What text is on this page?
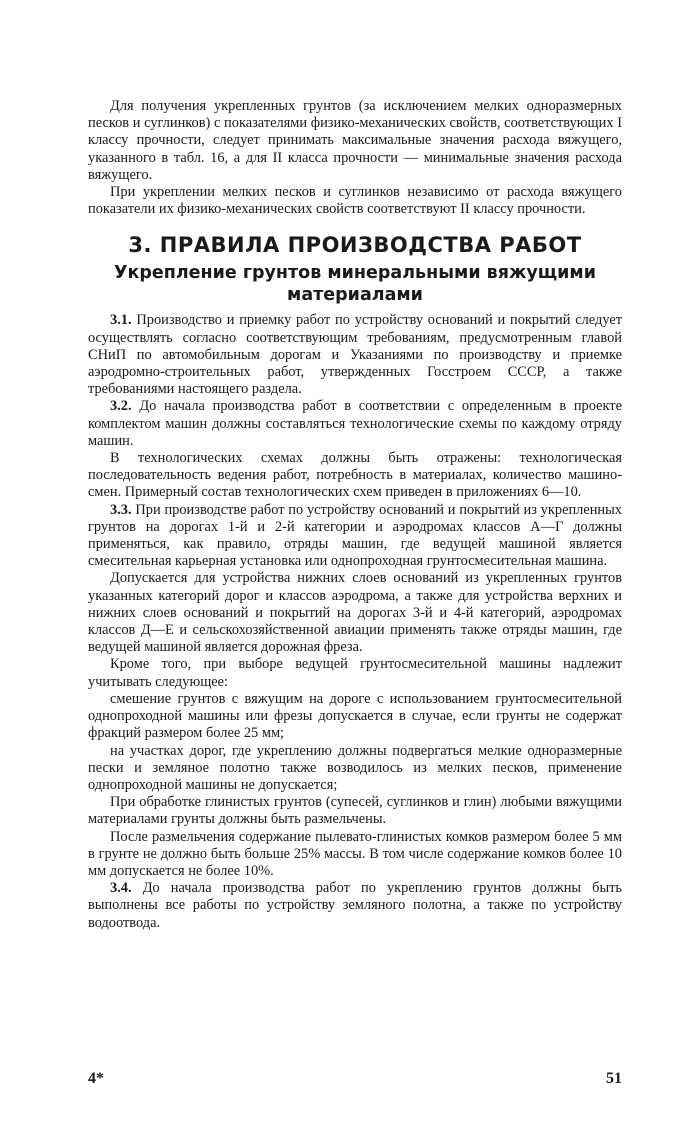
Для получения укрепленных грунтов (за исключением мелких одноразмерных песков и суглинков) с показателями физико-механических свойств, соответствующих I классу прочности, следует принимать максимальные значения расхода вяжущего, указанного в табл. 16, а для II класса прочности — минимальные значения расхода вяжущего.

При укреплении мелких песков и суглинков независимо от расхода вяжущего показатели их физико-механических свойств соответствуют II классу прочности.

3. ПРАВИЛА ПРОИЗВОДСТВА РАБОТ
Укрепление грунтов минеральными вяжущими материалами

3.1. Производство и приемку работ по устройству оснований и покрытий следует осуществлять согласно соответствующим требованиям, предусмотренным главой СНиП по автомобильным дорогам и Указаниями по производству и приемке аэродромно-строительных работ, утвержденных Госстроем СССР, а также требованиями настоящего раздела.

3.2. До начала производства работ в соответствии с определенным в проекте комплектом машин должны составляться технологические схемы по каждому отряду машин.

В технологических схемах должны быть отражены: технологическая последовательность ведения работ, потребность в материалах, количество машино-смен. Примерный состав технологических схем приведен в приложениях 6—10.

3.3. При производстве работ по устройству оснований и покрытий из укрепленных грунтов на дорогах 1-й и 2-й категории и аэродромах классов А—Г должны применяться, как правило, отряды машин, где ведущей машиной является смесительная карьерная установка или однопроходная грунтосмесительная машина.

Допускается для устройства нижних слоев оснований из укрепленных грунтов указанных категорий дорог и классов аэродрома, а также для устройства верхних и нижних слоев оснований и покрытий на дорогах 3-й и 4-й категорий, аэродромах классов Д—Е и сельскохозяйственной авиации применять также отряды машин, где ведущей машиной является дорожная фреза.

Кроме того, при выборе ведущей грунтосмесительной машины надлежит учитывать следующее:

смешение грунтов с вяжущим на дороге с использованием грунтосмесительной однопроходной машины или фрезы допускается в случае, если грунты не содержат фракций размером более 25 мм;

на участках дорог, где укреплению должны подвергаться мелкие одноразмерные пески и земляное полотно также возводилось из мелких песков, применение однопроходной машины не допускается;

При обработке глинистых грунтов (супесей, суглинков и глин) любыми вяжущими материалами грунты должны быть размельчены.

После размельчения содержание пылевато-глинистых комков размером более 5 мм в грунте не должно быть больше 25% массы. В том числе содержание комков более 10 мм допускается не более 10%.

3.4. До начала производства работ по укреплению грунтов должны быть выполнены все работы по устройству земляного полотна, а также по устройству водоотвода.

4*	51
